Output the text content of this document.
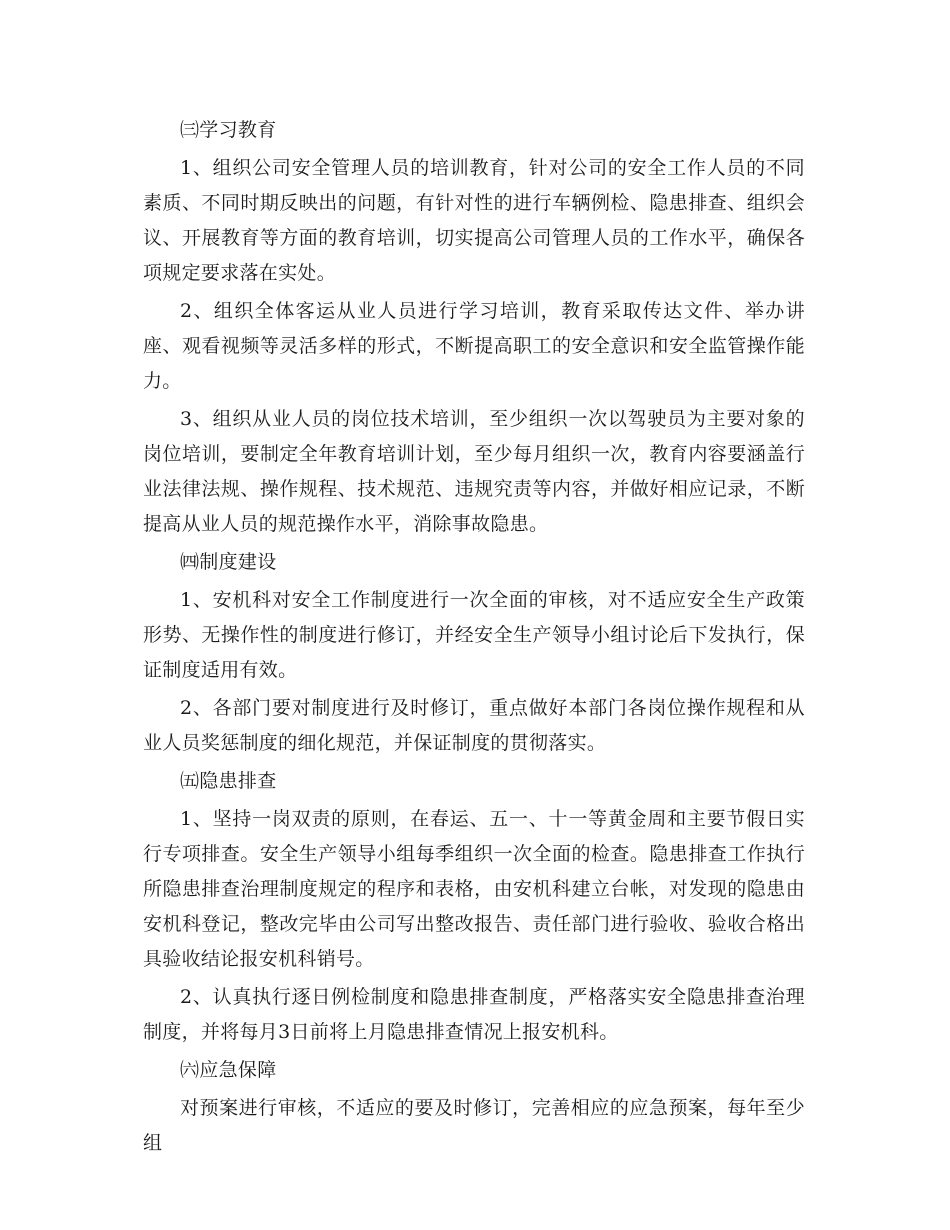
㈢学习教育

1、组织公司安全管理人员的培训教育，针对公司的安全工作人员的不同素质、不同时期反映出的问题，有针对性的进行车辆例检、隐患排查、组织会议、开展教育等方面的教育培训，切实提高公司管理人员的工作水平，确保各项规定要求落在实处。

2、组织全体客运从业人员进行学习培训，教育采取传达文件、举办讲座、观看视频等灵活多样的形式，不断提高职工的安全意识和安全监管操作能力。

3、组织从业人员的岗位技术培训，至少组织一次以驾驶员为主要对象的岗位培训，要制定全年教育培训计划，至少每月组织一次，教育内容要涵盖行业法律法规、操作规程、技术规范、违规究责等内容，并做好相应记录，不断提高从业人员的规范操作水平，消除事故隐患。

㈣制度建设

1、安机科对安全工作制度进行一次全面的审核，对不适应安全生产政策形势、无操作性的制度进行修订，并经安全生产领导小组讨论后下发执行，保证制度适用有效。

2、各部门要对制度进行及时修订，重点做好本部门各岗位操作规程和从业人员奖惩制度的细化规范，并保证制度的贯彻落实。

㈤隐患排查

1、坚持一岗双责的原则，在春运、五一、十一等黄金周和主要节假日实行专项排查。安全生产领导小组每季组织一次全面的检查。隐患排查工作执行所隐患排查治理制度规定的程序和表格，由安机科建立台帐，对发现的隐患由安机科登记，整改完毕由公司写出整改报告、责任部门进行验收、验收合格出具验收结论报安机科销号。

2、认真执行逐日例检制度和隐患排查制度，严格落实安全隐患排查治理制度，并将每月3日前将上月隐患排查情况上报安机科。

㈥应急保障

对预案进行审核，不适应的要及时修订，完善相应的应急预案，每年至少组
